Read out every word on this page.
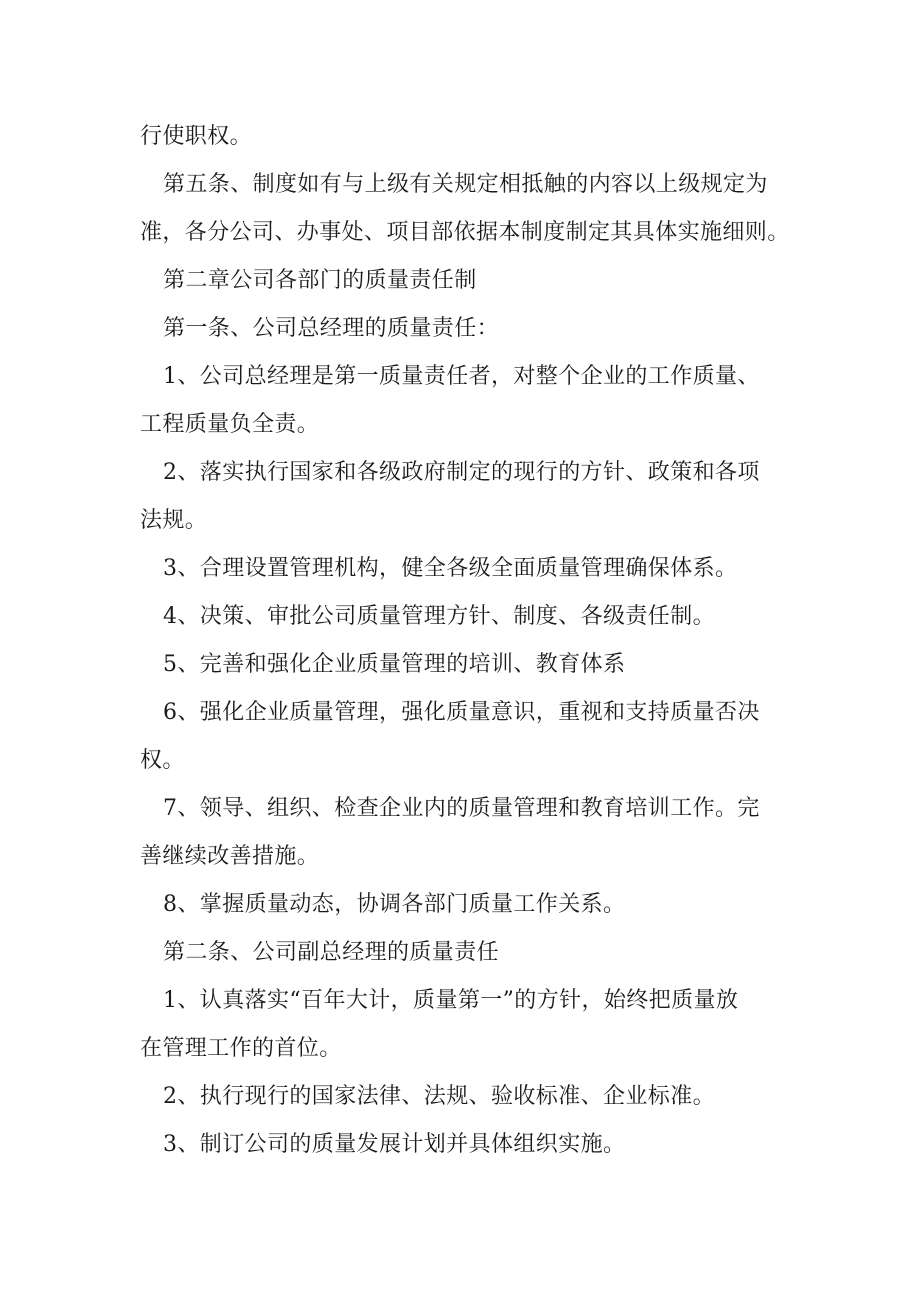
行使职权。

第五条、制度如有与上级有关规定相抵触的内容以上级规定为

准，各分公司、办事处、项目部依据本制度制定其具体实施细则。

第二章公司各部门的质量责任制

第一条、公司总经理的质量责任：

1、公司总经理是第一质量责任者，对整个企业的工作质量、

工程质量负全责。

2、落实执行国家和各级政府制定的现行的方针、政策和各项

法规。

3、合理设置管理机构，健全各级全面质量管理确保体系。

4、决策、审批公司质量管理方针、制度、各级责任制。

5、完善和强化企业质量管理的培训、教育体系

6、强化企业质量管理，强化质量意识，重视和支持质量否决

权。

7、领导、组织、检查企业内的质量管理和教育培训工作。完

善继续改善措施。

8、掌握质量动态，协调各部门质量工作关系。

第二条、公司副总经理的质量责任

1、认真落实“百年大计，质量第一”的方针，始终把质量放

在管理工作的首位。

2、执行现行的国家法律、法规、验收标准、企业标准。

3、制订公司的质量发展计划并具体组织实施。
